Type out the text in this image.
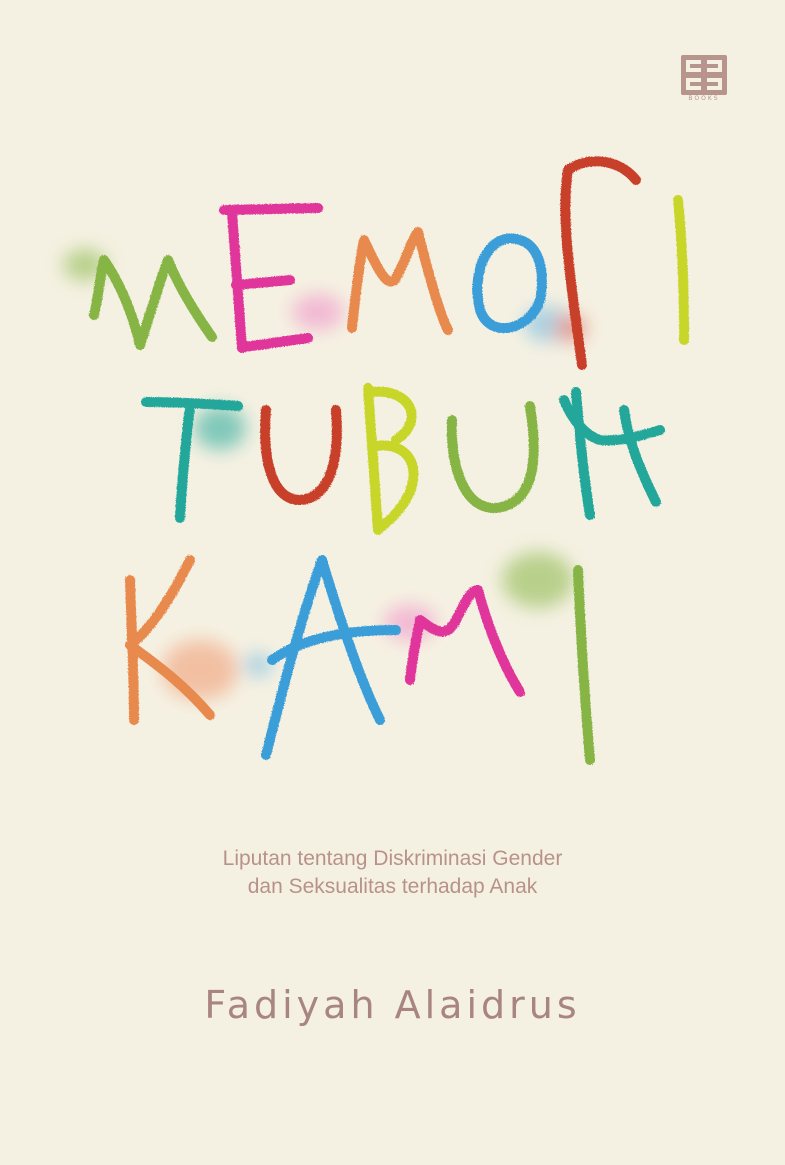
BOOKS
Liputan tentang Diskriminasi Gender
dan Seksualitas terhadap Anak
Fadiyah Alaidrus
